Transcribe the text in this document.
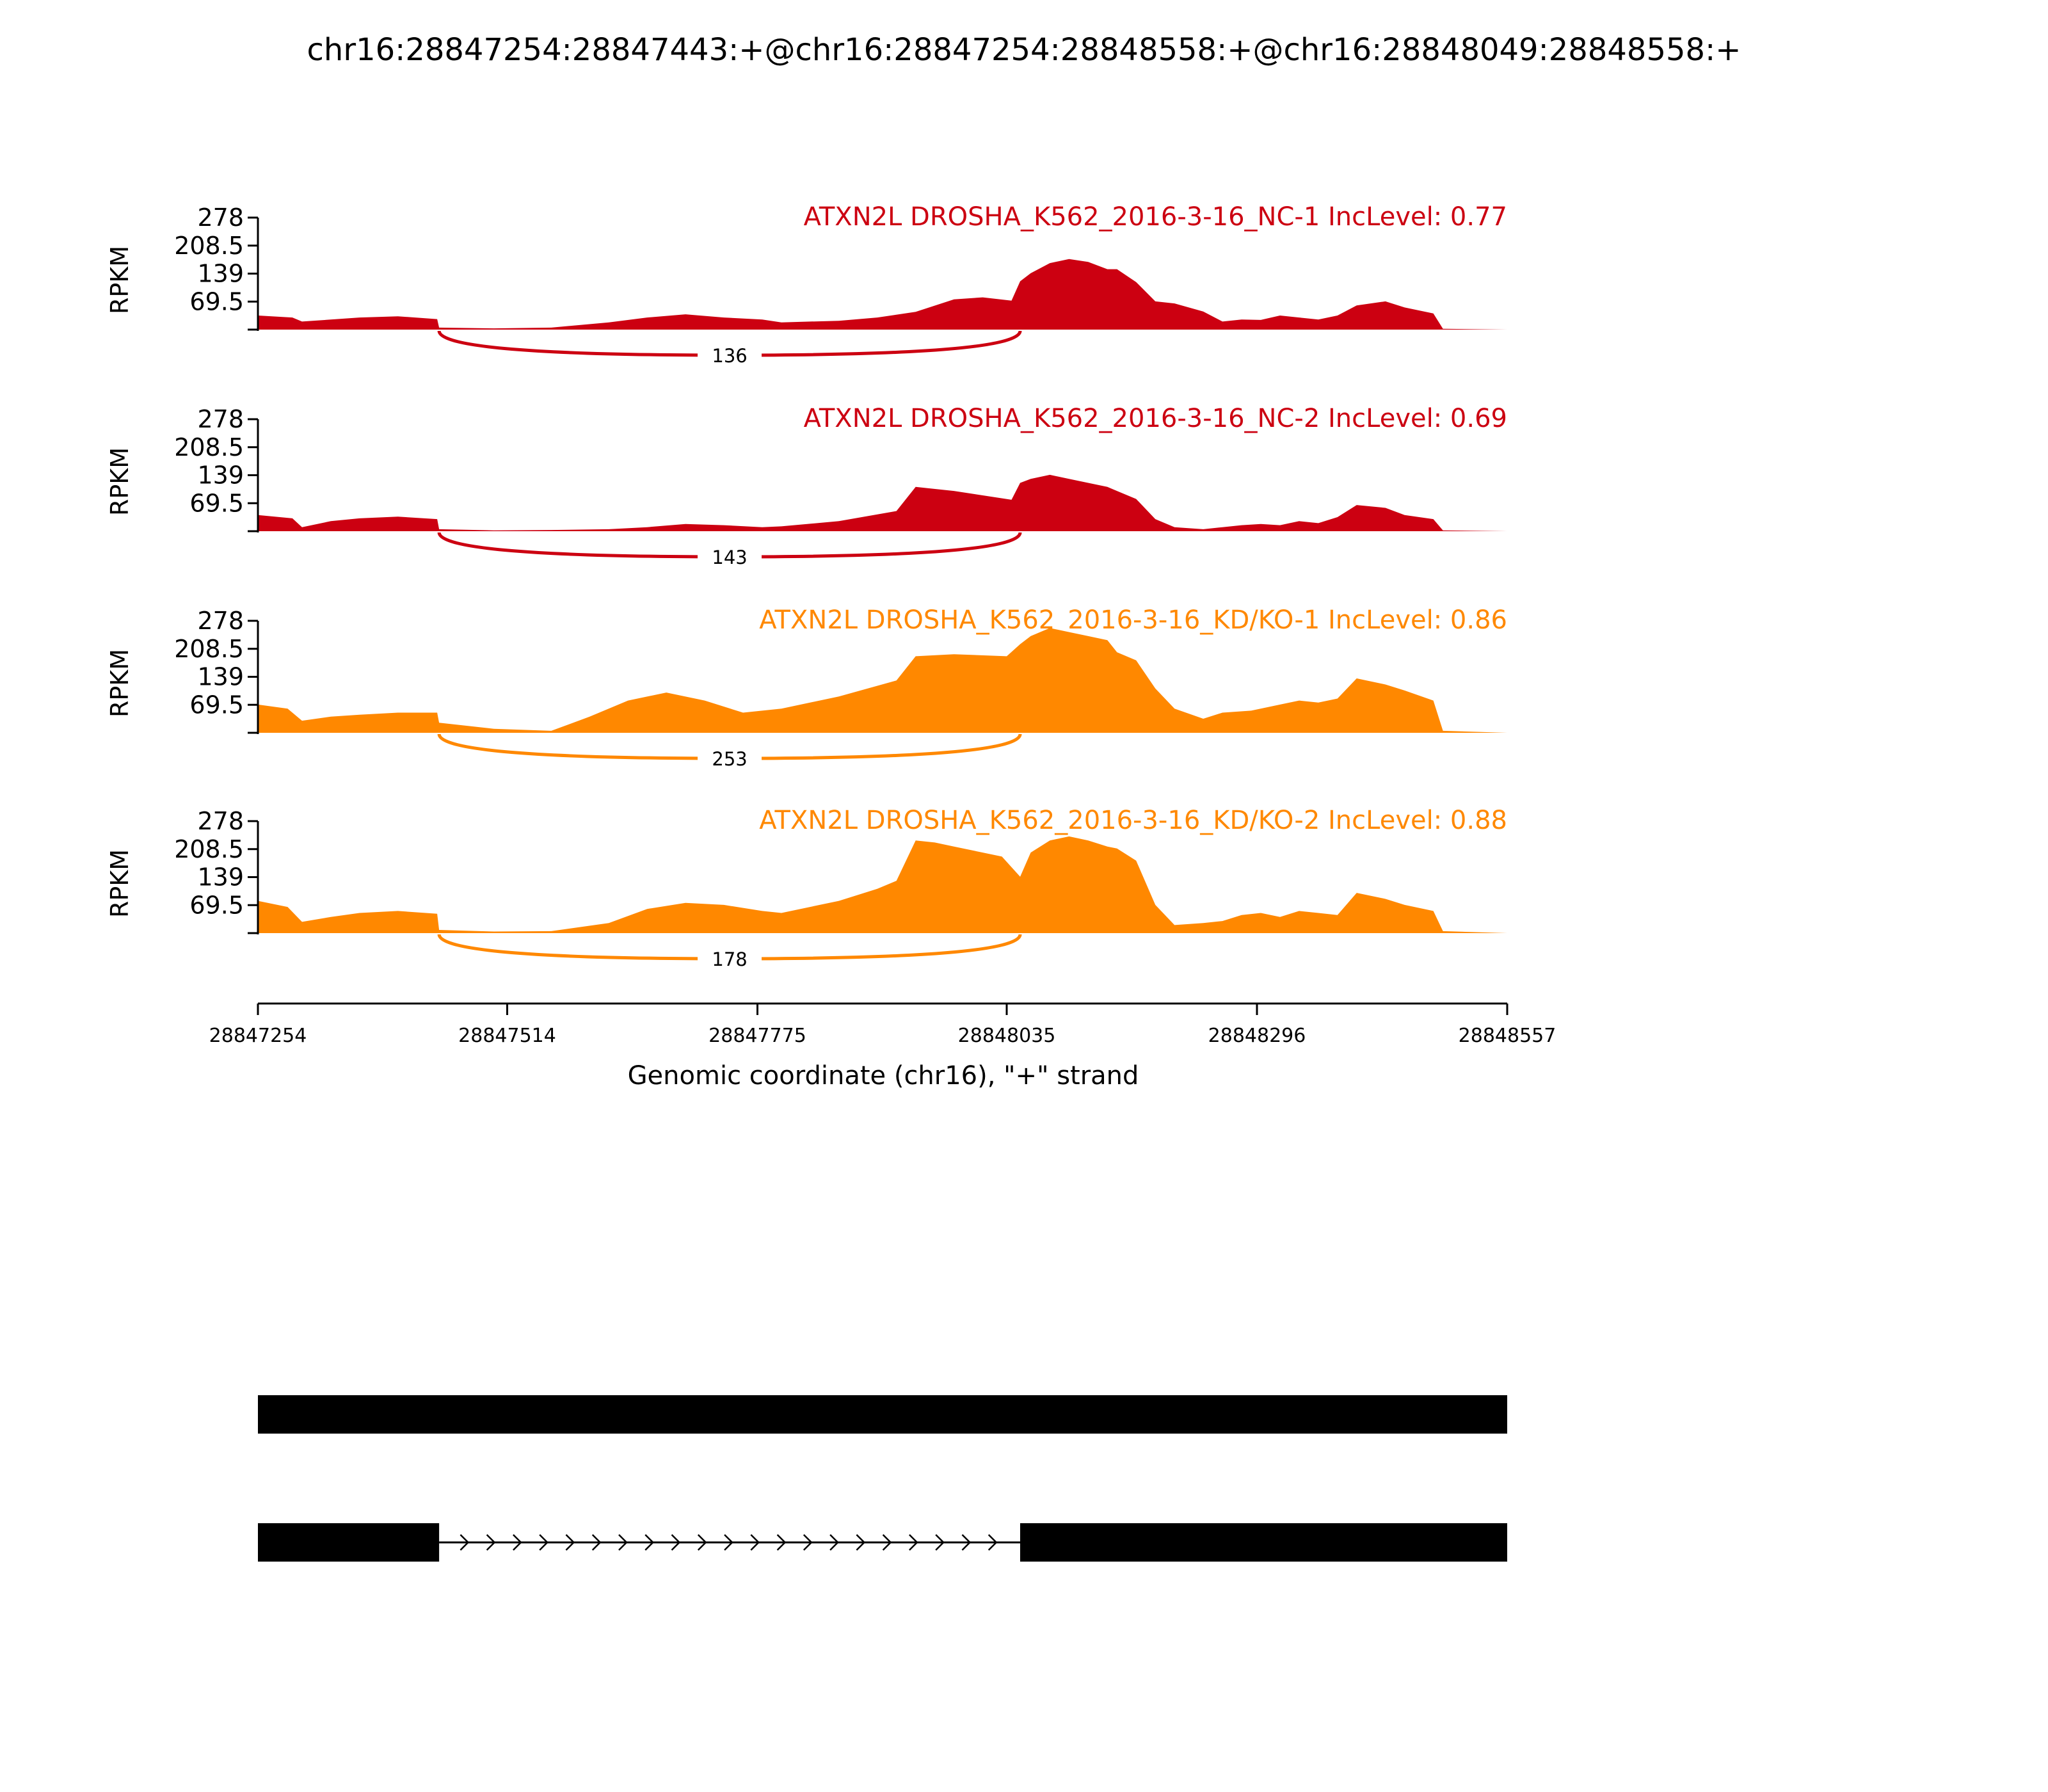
chr16:28847254:28847443:+@chr16:28847254:28848558:+@chr16:28848049:28848558:+
278
208.5
139
69.5
RPKM
ATXN2L DROSHA_K562_2016-3-16_NC-1 IncLevel: 0.77
136
278
208.5
139
69.5
RPKM
ATXN2L DROSHA_K562_2016-3-16_NC-2 IncLevel: 0.69
143
278
208.5
139
69.5
RPKM
ATXN2L DROSHA_K562_2016-3-16_KD/KO-1 IncLevel: 0.86
253
278
208.5
139
69.5
RPKM
ATXN2L DROSHA_K562_2016-3-16_KD/KO-2 IncLevel: 0.88
178
28847254	28847514	28847775	28848035	28848296	28848557
Genomic coordinate (chr16), "+" strand
